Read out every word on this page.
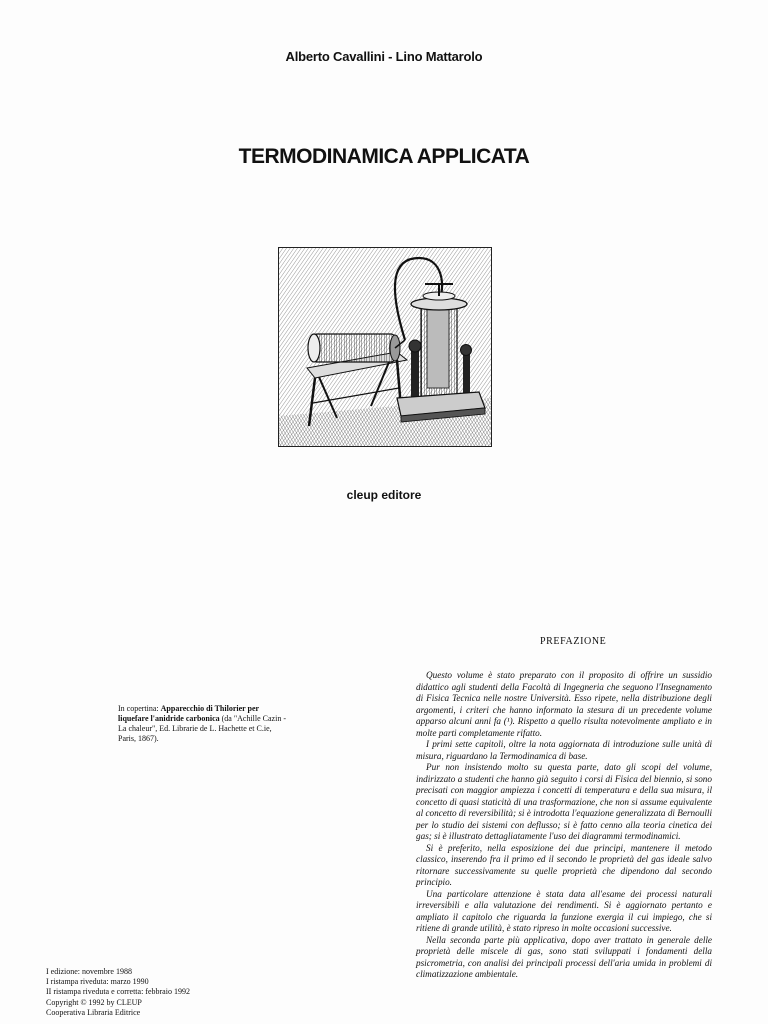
Alberto Cavallini - Lino Mattarolo
TERMODINAMICA APPLICATA
cleup editore
In copertina: Apparecchio di Thilorier per liquefare l'anidride carbonica (da "Achille Cazin - La chaleur", Ed. Librarie de L. Hachette et C.ie, Paris, 1867).
I edizione: novembre 1988
I ristampa riveduta: marzo 1990
II ristampa riveduta e corretta: febbraio 1992
Copyright © 1992 by CLEUP
Cooperativa Libraria Editrice
PREFAZIONE

Questo volume è stato preparato con il proposito di offrire un sussidio didattico agli studenti della Facoltà di Ingegneria che seguono l'Insegnamento di Fisica Tecnica nelle nostre Università. Esso ripete, nella distribuzione degli argomenti, i criteri che hanno informato la stesura di un precedente volume apparso alcuni anni fa (¹). Rispetto a quello risulta notevolmente ampliato e in molte parti completamente rifatto.

I primi sette capitoli, oltre la nota aggiornata di introduzione sulle unità di misura, riguardano la Termodinamica di base.

Pur non insistendo molto su questa parte, dato gli scopi del volume, indirizzato a studenti che hanno già seguito i corsi di Fisica del biennio, si sono precisati con maggior ampiezza i concetti di temperatura e della sua misura, il concetto di quasi staticità di una trasformazione, che non si assume equivalente al concetto di reversibilità; si è introdotta l'equazione generalizzata di Bernoulli per lo studio dei sistemi con deflusso; si è fatto cenno alla teoria cinetica dei gas; si è illustrato dettagliatamente l'uso dei diagrammi termodinamici.

Si è preferito, nella esposizione dei due principi, mantenere il metodo classico, inserendo fra il primo ed il secondo le proprietà del gas ideale salvo ritornare successivamente su quelle proprietà che dipendono dal secondo principio.

Una particolare attenzione è stata data all'esame dei processi naturali irreversibili e alla valutazione dei rendimenti. Si è aggiornato pertanto e ampliato il capitolo che riguarda la funzione exergia il cui impiego, che si ritiene di grande utilità, è stato ripreso in molte occasioni successive.

Nella seconda parte più applicativa, dopo aver trattato in generale delle proprietà delle miscele di gas, sono stati sviluppati i fondamenti della psicrometria, con analisi dei principali processi dell'aria umida in problemi di climatizzazione ambientale.
